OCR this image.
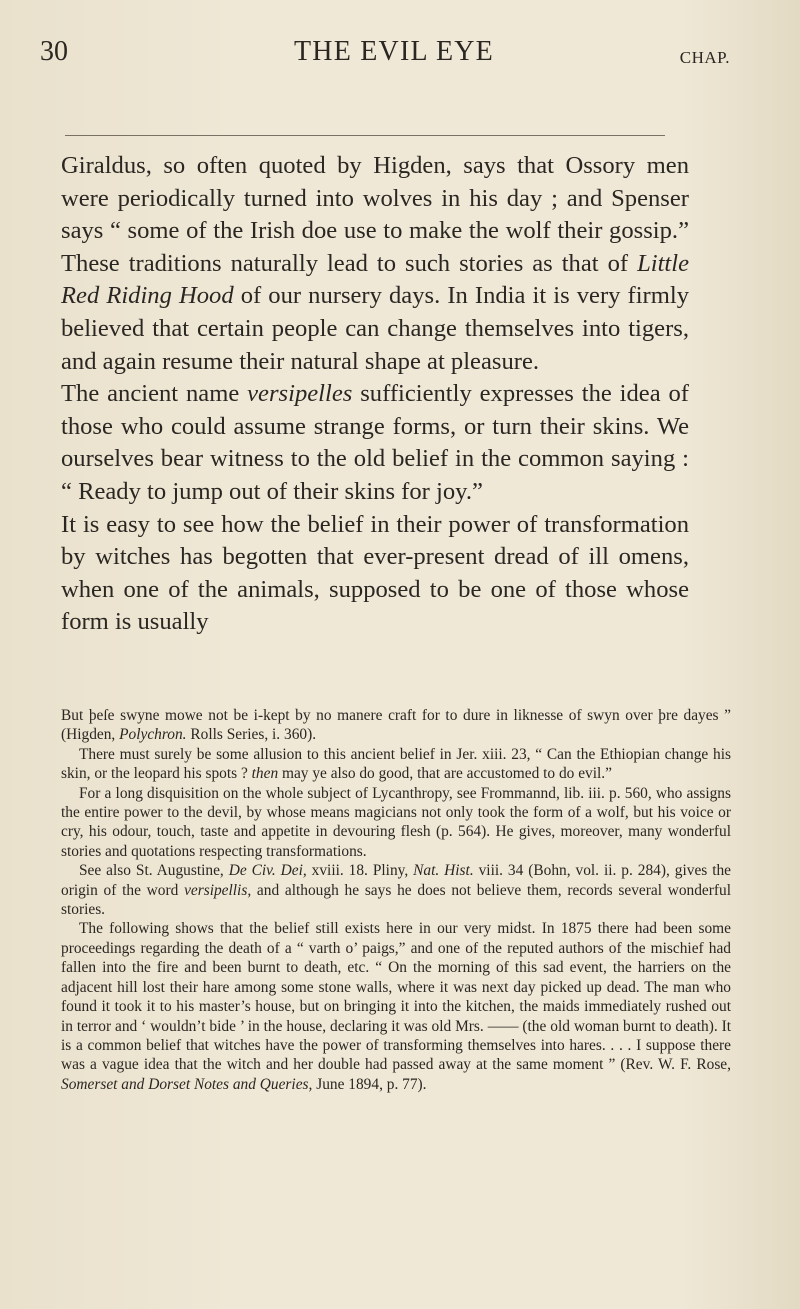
30	THE EVIL EYE	CHAP.

Giraldus, so often quoted by Higden, says that Ossory men were periodically turned into wolves in his day ; and Spenser says “ some of the Irish doe use to make the wolf their gossip.” These traditions naturally lead to such stories as that of Little Red Riding Hood of our nursery days. In India it is very firmly believed that certain people can change themselves into tigers, and again resume their natural shape at pleasure.

The ancient name versipelles sufficiently expresses the idea of those who could assume strange forms, or turn their skins. We ourselves bear witness to the old belief in the common saying : “ Ready to jump out of their skins for joy.”

It is easy to see how the belief in their power of transformation by witches has begotten that ever-present dread of ill omens, when one of the animals, supposed to be one of those whose form is usually

But þeſe swyne mowe not be i-kept by no manere craft for to dure in liknesse of swyn over þre dayes ” (Higden, Polychron. Rolls Series, i. 360).

There must surely be some allusion to this ancient belief in Jer. xiii. 23, “ Can the Ethiopian change his skin, or the leopard his spots ? then may ye also do good, that are accustomed to do evil.”

For a long disquisition on the whole subject of Lycanthropy, see Frommannd, lib. iii. p. 560, who assigns the entire power to the devil, by whose means magicians not only took the form of a wolf, but his voice or cry, his odour, touch, taste and appetite in devouring flesh (p. 564). He gives, moreover, many wonderful stories and quotations respecting transformations.

See also St. Augustine, De Civ. Dei, xviii. 18. Pliny, Nat. Hist. viii. 34 (Bohn, vol. ii. p. 284), gives the origin of the word versipellis, and although he says he does not believe them, records several wonderful stories.

The following shows that the belief still exists here in our very midst. In 1875 there had been some proceedings regarding the death of a “ varth o’ paigs,” and one of the reputed authors of the mischief had fallen into the fire and been burnt to death, etc. “ On the morning of this sad event, the harriers on the adjacent hill lost their hare among some stone walls, where it was next day picked up dead. The man who found it took it to his master’s house, but on bringing it into the kitchen, the maids immediately rushed out in terror and ‘ wouldn’t bide ’ in the house, declaring it was old Mrs. —— (the old woman burnt to death). It is a common belief that witches have the power of transforming themselves into hares. . . . I suppose there was a vague idea that the witch and her double had passed away at the same moment ” (Rev. W. F. Rose, Somerset and Dorset Notes and Queries, June 1894, p. 77).
